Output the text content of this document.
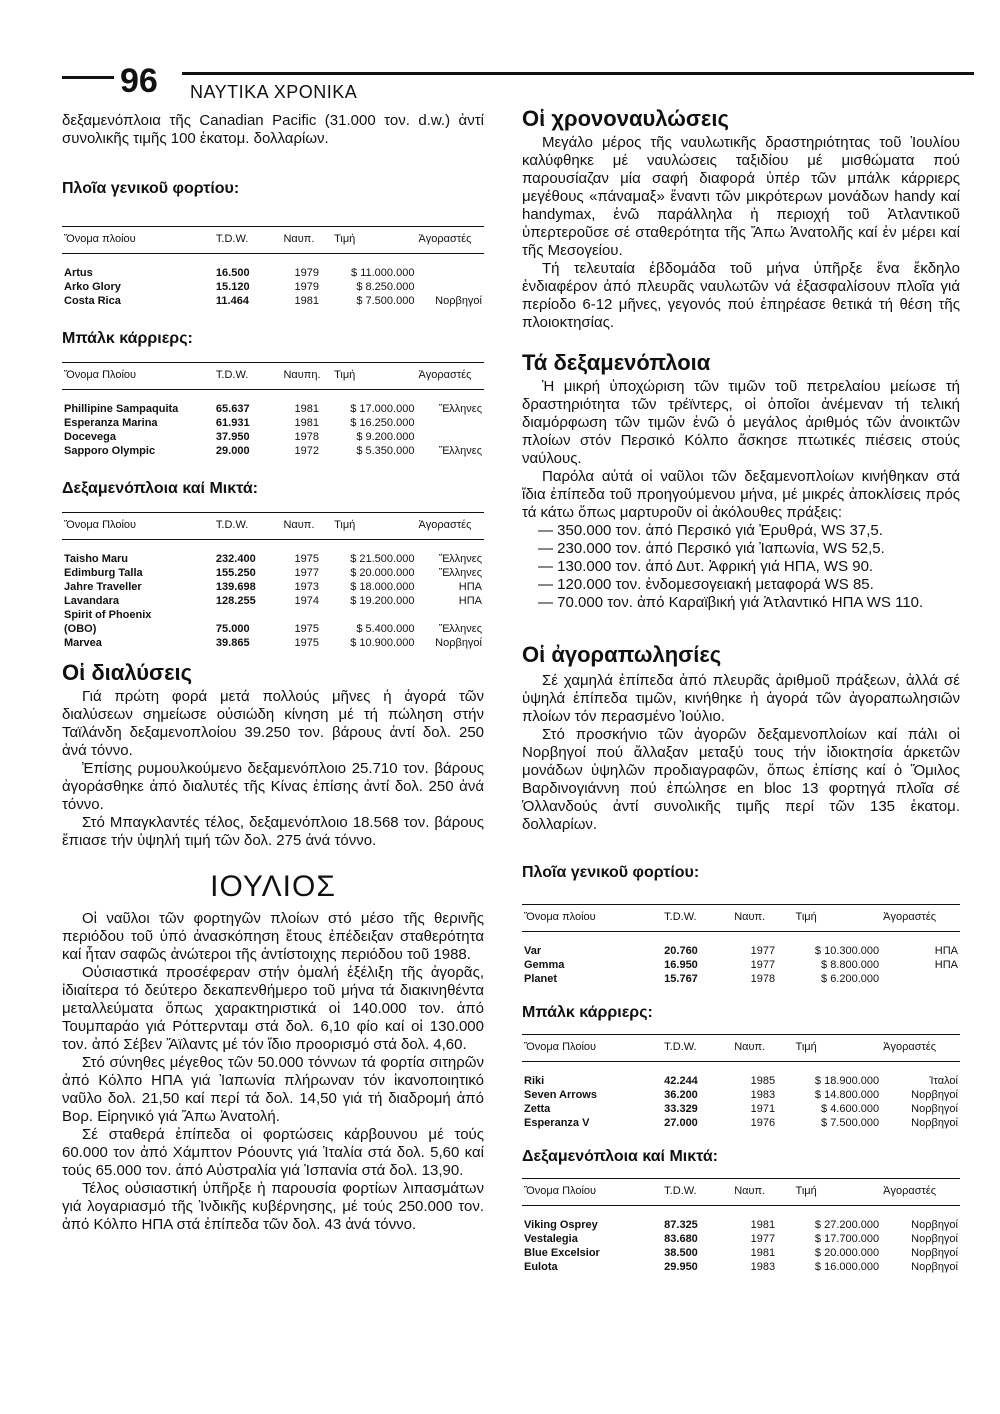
96 ΝΑΥΤΙΚΑ ΧΡΟΝΙΚΑ

δεξαμενόπλοια τῆς Canadian Pacific (31.000 τον. d.w.) ἀντί συνολικῆς τιμῆς 100 ἑκατομ. δολλαρίων.

Πλοῖα γενικοῦ φορτίου:
Ὄνομα πλοίου	T.D.W.	Ναυπ.	Τιμή	Ἀγοραστές

Artus	16.500	1979	$ 11.000.000	
Arko Glory	15.120	1979	$ 8.250.000	
Costa Rica	11.464	1981	$ 7.500.000	Νορβηγοί
Μπάλκ κάρριερς:
Ὄνομα Πλοίου	T.D.W.	Ναυπη.	Τιμή	Ἀγοραστές

Phillipine Sampaquita	65.637	1981	$ 17.000.000	Ἕλληνες
Esperanza Marina	61.931	1981	$ 16.250.000	
Docevega	37.950	1978	$ 9.200.000	
Sapporo Olympic	29.000	1972	$ 5.350.000	Ἕλληνες
Δεξαμενόπλοια καί Μικτά:
Ὄνομα Πλοίου	T.D.W.	Ναυπ.	Τιμή	Ἀγοραστές

Taisho Maru	232.400	1975	$ 21.500.000	Ἕλληνες
Edimburg Talla	155.250	1977	$ 20.000.000	Ἕλληνες
Jahre Traveller	139.698	1973	$ 18.000.000	ΗΠΑ
Lavandara	128.255	1974	$ 19.200.000	ΗΠΑ
Spirit of Phoenix				
(OBO)	75.000	1975	$ 5.400.000	Ἕλληνες
Marvea	39.865	1975	$ 10.900.000	Νορβηγοί
Οἱ διαλύσεις

Γιά πρώτη φορά μετά πολλούς μῆνες ἡ ἀγορά τῶν διαλύσεων σημείωσε οὐσιώδη κίνηση μέ τή πώληση στήν Ταϊλάνδη δεξαμενοπλοίου 39.250 τον. βάρους ἀντί δολ. 250 ἀνά τόννο.

Ἐπίσης ρυμουλκούμενο δεξαμενόπλοιο 25.710 τον. βάρους ἀγοράσθηκε ἀπό διαλυτές τῆς Κίνας ἐπίσης ἀντί δολ. 250 ἀνά τόννο.

Στό Μπαγκλαντές τέλος, δεξαμενόπλοιο 18.568 τον. βάρους ἔπιασε τήν ὑψηλή τιμή τῶν δολ. 275 ἀνά τόννο.

ΙΟΥΛΙΟΣ

Οἱ ναῦλοι τῶν φορτηγῶν πλοίων στό μέσο τῆς θερινῆς περιόδου τοῦ ὑπό ἀνασκόπηση ἔτους ἐπέδειξαν σταθερότητα καί ἦταν σαφῶς ἀνώτεροι τῆς ἀντίστοιχης περιόδου τοῦ 1988.

Οὐσιαστικά προσέφεραν στήν ὁμαλή ἐξέλιξη τῆς ἀγορᾶς, ἰδιαίτερα τό δεύτερο δεκαπενθήμερο τοῦ μήνα τά διακινηθέντα μεταλλεύματα ὅπως χαρακτηριστικά οἱ 140.000 τον. ἀπό Τουμπαράο γιά Ρόττερνταμ στά δολ. 6,10 φίο καί οἱ 130.000 τον. ἀπό Σέβεν Ἄϊλαντς μέ τόν ἴδιο προορισμό στά δολ. 4,60.

Στό σύνηθες μέγεθος τῶν 50.000 τόννων τά φορτία σιτηρῶν ἀπό Κόλπο ΗΠΑ γιά Ἰαπωνία πλήρωναν τόν ἱκανοποιητικό ναῦλο δολ. 21,50 καί περί τά δολ. 14,50 γιά τή διαδρομή ἀπό Βορ. Εἰρηνικό γιά Ἄπω Ἀνατολή.

Σέ σταθερά ἐπίπεδα οἱ φορτώσεις κάρβουνου μέ τούς 60.000 τον ἀπό Χάμπτον Ρόουντς γιά Ἰταλία στά δολ. 5,60 καί τούς 65.000 τον. ἀπό Αὐστραλία γιά Ἱσπανία στά δολ. 13,90.

Τέλος οὐσιαστική ὑπῆρξε ἡ παρουσία φορτίων λιπασμάτων γιά λογαριασμό τῆς Ἰνδικῆς κυβέρνησης, μέ τούς 250.000 τον. ἀπό Κόλπο ΗΠΑ στά ἐπίπεδα τῶν δολ. 43 ἀνά τόννο.

Οἱ χρονοναυλώσεις

Μεγάλο μέρος τῆς ναυλωτικῆς δραστηριότητας τοῦ Ἰουλίου καλύφθηκε μέ ναυλώσεις ταξιδίου μέ μισθώματα πού παρουσίαζαν μία σαφή διαφορά ὑπέρ τῶν μπάλκ κάρριερς μεγέθους «πάναμαξ» ἔναντι τῶν μικρότερων μονάδων handy καί handymax, ἐνῶ παράλληλα ἡ περιοχή τοῦ Ἀτλαντικοῦ ὑπερτεροῦσε σέ σταθερότητα τῆς Ἄπω Ἀνατολῆς καί ἐν μέρει καί τῆς Μεσογείου.

Τή τελευταία ἑβδομάδα τοῦ μήνα ὑπῆρξε ἕνα ἔκδηλο ἐνδιαφέρον ἀπό πλευρᾶς ναυλωτῶν νά ἐξασφαλίσουν πλοῖα γιά περίοδο 6-12 μῆνες, γεγονός πού ἐπηρέασε θετικά τή θέση τῆς πλοιοκτησίας.

Τά δεξαμενόπλοια

Ἡ μικρή ὑποχώριση τῶν τιμῶν τοῦ πετρελαίου μείωσε τή δραστηριότητα τῶν τρέϊντερς, οἱ ὁποῖοι ἀνέμεναν τή τελική διαμόρφωση τῶν τιμῶν ἐνῶ ὁ μεγάλος ἀριθμός τῶν ἀνοικτῶν πλοίων στόν Περσικό Κόλπο ἄσκησε πτωτικές πιέσεις στούς ναύλους.

Παρόλα αὐτά οἱ ναῦλοι τῶν δεξαμενοπλοίων κινήθηκαν στά ἴδια ἐπίπεδα τοῦ προηγούμενου μήνα, μέ μικρές ἀποκλίσεις πρός τά κάτω ὅπως μαρτυροῦν οἱ ἀκόλουθες πράξεις:

— 350.000 τον. ἀπό Περσικό γιά Ἐρυθρά, WS 37,5.

— 230.000 τον. ἀπό Περσικό γιά Ἰαπωνία, WS 52,5.

— 130.000 τον. ἀπό Δυτ. Ἀφρική γιά ΗΠΑ, WS 90.

— 120.000 τον. ἐνδομεσογειακή μεταφορά WS 85.

— 70.000 τον. ἀπό Καραϊβική γιά Ἀτλαντικό ΗΠΑ WS 110.

Οἱ ἀγοραπωλησίες

Σέ χαμηλά ἐπίπεδα ἀπό πλευρᾶς ἀριθμοῦ πράξεων, ἀλλά σέ ὑψηλά ἐπίπεδα τιμῶν, κινήθηκε ἡ ἀγορά τῶν ἀγοραπωλησιῶν πλοίων τόν περασμένο Ἰούλιο.

Στό προσκήνιο τῶν ἀγορῶν δεξαμενοπλοίων καί πάλι οἱ Νορβηγοί πού ἄλλαξαν μεταξύ τους τήν ἰδιοκτησία ἀρκετῶν μονάδων ὑψηλῶν προδιαγραφῶν, ὅπως ἐπίσης καί ὁ Ὅμιλος Βαρδινογιάννη πού ἐπώλησε en bloc 13 φορτηγά πλοῖα σέ Ὁλλανδούς ἀντί συνολικῆς τιμῆς περί τῶν 135 ἑκατομ. δολλαρίων.

Πλοῖα γενικοῦ φορτίου:
Ὄνομα πλοίου	T.D.W.	Ναυπ.	Τιμή	Ἀγοραστές

Var	20.760	1977	$ 10.300.000	ΗΠΑ
Gemma	16.950	1977	$ 8.800.000	ΗΠΑ
Planet	15.767	1978	$ 6.200.000	
Μπάλκ κάρριερς:
Ὄνομα Πλοίου	T.D.W.	Ναυπ.	Τιμή	Ἀγοραστές

Riki	42.244	1985	$ 18.900.000	Ἰταλοί
Seven Arrows	36.200	1983	$ 14.800.000	Νορβηγοί
Zetta	33.329	1971	$ 4.600.000	Νορβηγοί
Esperanza V	27.000	1976	$ 7.500.000	Νορβηγοί
Δεξαμενόπλοια καί Μικτά:
Ὄνομα Πλοίου	T.D.W.	Ναυπ.	Τιμή	Ἀγοραστές

Viking Osprey	87.325	1981	$ 27.200.000	Νορβηγοί
Vestalegia	83.680	1977	$ 17.700.000	Νορβηγοί
Blue Excelsior	38.500	1981	$ 20.000.000	Νορβηγοί
Eulota	29.950	1983	$ 16.000.000	Νορβηγοί
